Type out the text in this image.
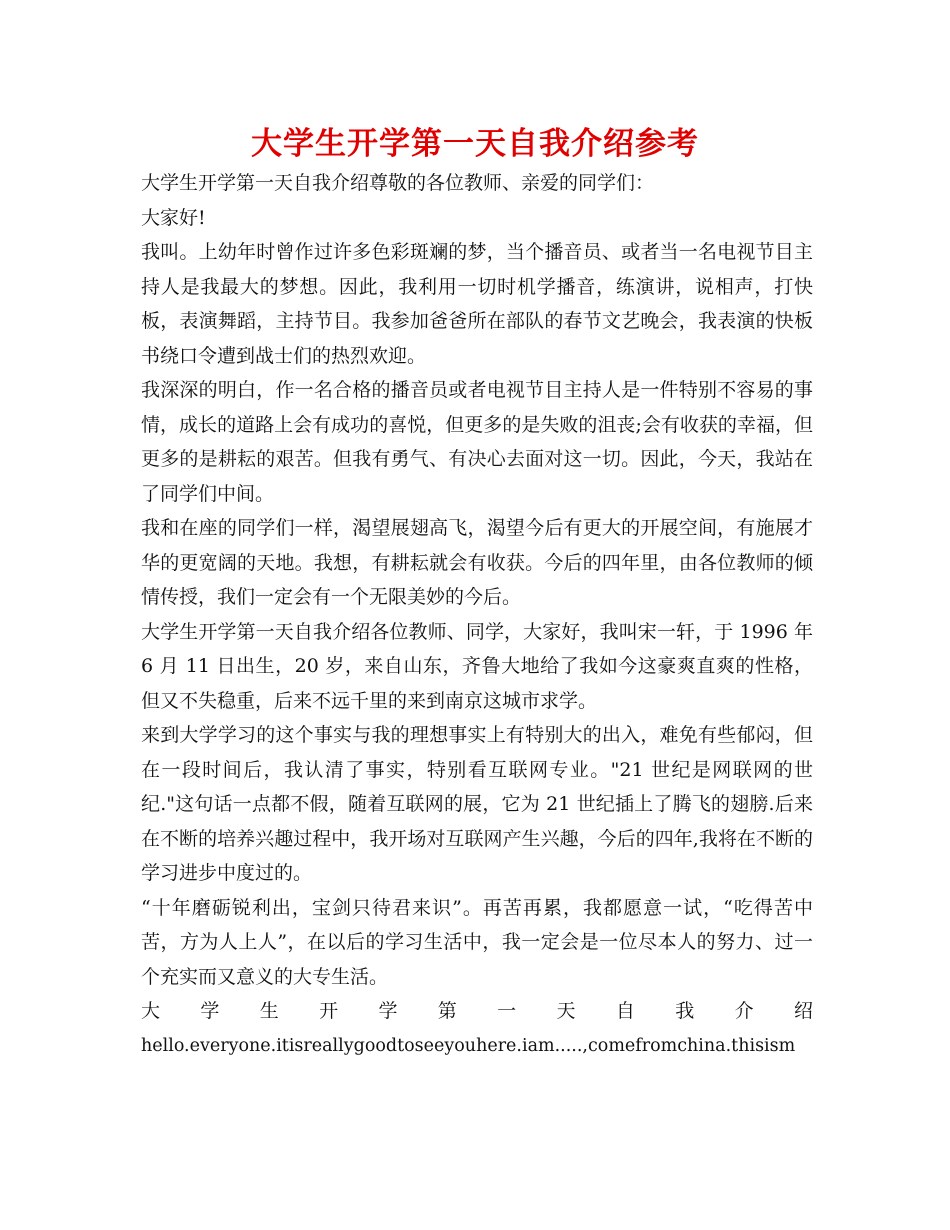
大学生开学第一天自我介绍参考

大学生开学第一天自我介绍尊敬的各位教师、亲爱的同学们：

大家好!

我叫。上幼年时曾作过许多色彩斑斓的梦，当个播音员、或者当一名电视节目主持人是我最大的梦想。因此，我利用一切时机学播音，练演讲，说相声，打快板，表演舞蹈，主持节目。我参加爸爸所在部队的春节文艺晚会，我表演的快板书绕口令遭到战士们的热烈欢迎。

我深深的明白，作一名合格的播音员或者电视节目主持人是一件特别不容易的事情，成长的道路上会有成功的喜悦，但更多的是失败的沮丧;会有收获的幸福，但更多的是耕耘的艰苦。但我有勇气、有决心去面对这一切。因此，今天，我站在了同学们中间。

我和在座的同学们一样，渴望展翅高飞，渴望今后有更大的开展空间，有施展才华的更宽阔的天地。我想，有耕耘就会有收获。今后的四年里，由各位教师的倾情传授，我们一定会有一个无限美妙的今后。

大学生开学第一天自我介绍各位教师、同学，大家好，我叫宋一轩，于 1996 年 6 月 11 日出生，20 岁，来自山东，齐鲁大地给了我如今这豪爽直爽的性格，但又不失稳重，后来不远千里的来到南京这城市求学。

来到大学学习的这个事实与我的理想事实上有特别大的出入，难免有些郁闷，但在一段时间后，我认清了事实，特别看互联网专业。"21 世纪是网联网的世纪."这句话一点都不假，随着互联网的展，它为 21 世纪插上了腾飞的翅膀.后来在不断的培养兴趣过程中，我开场对互联网产生兴趣，今后的四年,我将在不断的学习进步中度过的。

“十年磨砺锐利出，宝剑只待君来识”。再苦再累，我都愿意一试，“吃得苦中苦，方为人上人”，在以后的学习生活中，我一定会是一位尽本人的努力、过一个充实而又意义的大专生活。

大 学 生 开 学 第 一 天 自 我 介 绍

hello.everyone.itisreallygoodtoseeyouhere.iam.....,comefromchina.thisism
